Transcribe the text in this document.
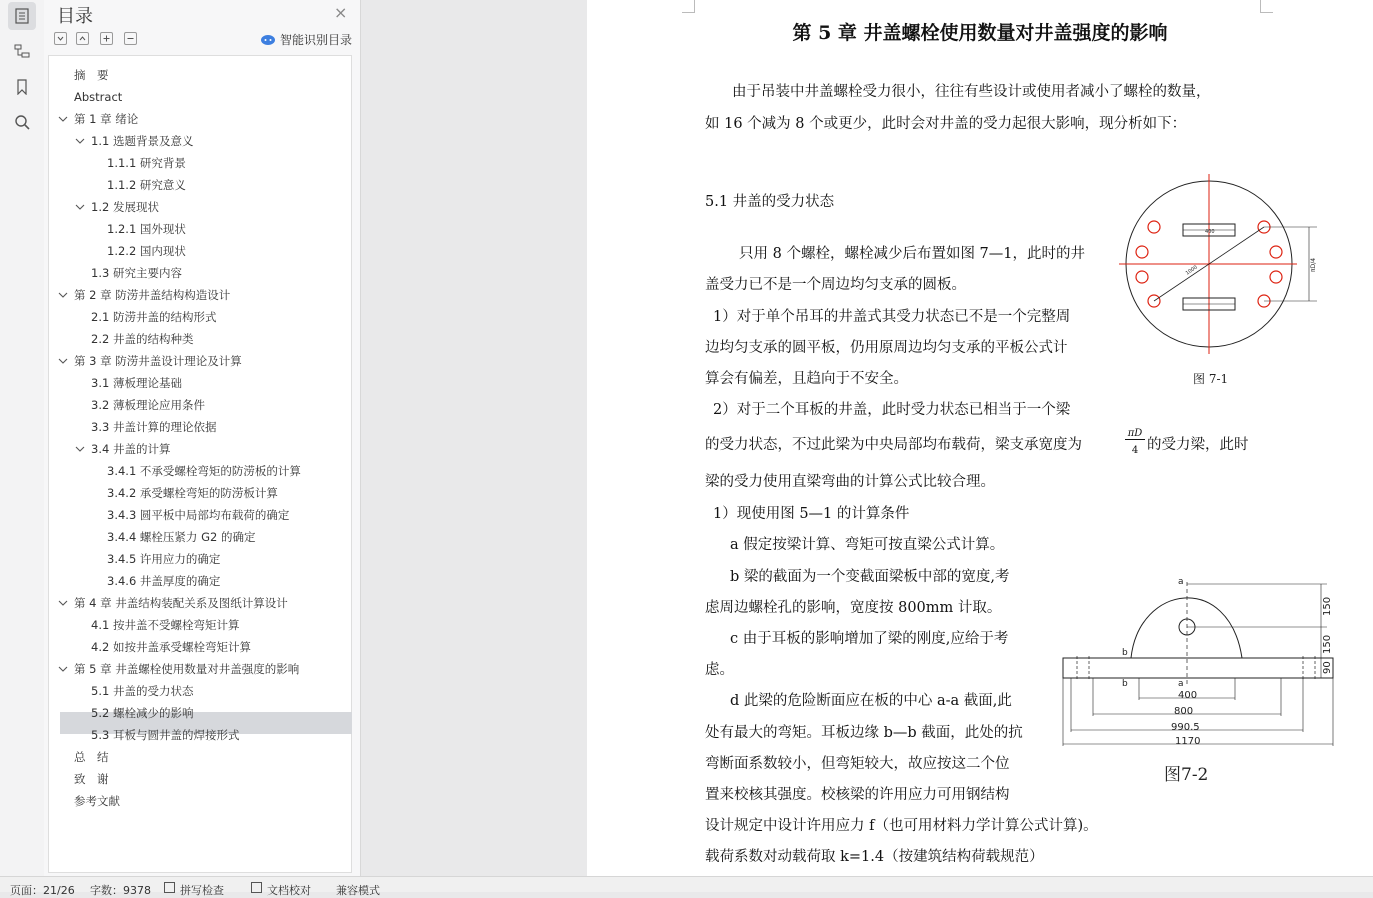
目录	×
智能识别目录
摘　要
Abstract
第 1 章 绪论
1.1 选题背景及意义
1.1.1 研究背景
1.1.2 研究意义
1.2 发展现状
1.2.1 国外现状
1.2.2 国内现状
1.3 研究主要内容
第 2 章 防涝井盖结构构造设计
2.1 防涝井盖的结构形式
2.2 井盖的结构种类
第 3 章 防涝井盖设计理论及计算
3.1 薄板理论基础
3.2 薄板理论应用条件
3.3 井盖计算的理论依据
3.4 井盖的计算
3.4.1 不承受螺栓弯矩的防涝板的计算
3.4.2 承受螺栓弯矩的防涝板计算
3.4.3 圆平板中局部均布载荷的确定
3.4.4 螺栓压紧力 G2 的确定
3.4.5 许用应力的确定
3.4.6 井盖厚度的确定
第 4 章 井盖结构装配关系及图纸计算设计
4.1 按井盖不受螺栓弯矩计算
4.2 如按井盖承受螺栓弯矩计算
第 5 章 井盖螺栓使用数量对井盖强度的影响
5.1 井盖的受力状态
5.2 螺栓减少的影响
5.3 耳板与圆井盖的焊接形式
总　结
致　谢
参考文献
第 5 章 井盖螺栓使用数量对井盖强度的影响
由于吊装中井盖螺栓受力很小，往往有些设计或使用者减小了螺栓的数量，
如 16 个减为 8 个或更少，此时会对井盖的受力起很大影响，现分析如下：
5.1 井盖的受力状态
只用 8 个螺栓，螺栓减少后布置如图 7—1，此时的井
盖受力已不是一个周边均匀支承的圆板。
1）对于单个吊耳的井盖式其受力状态已不是一个完整周
边均匀支承的圆平板，仍用原周边均匀支承的平板公式计
算会有偏差，且趋向于不安全。
2）对于二个耳板的井盖，此时受力状态已相当于一个梁
的受力状态，不过此梁为中央局部均布载荷，梁支承宽度为
πD
4 的受力梁，此时
梁的受力使用直梁弯曲的计算公式比较合理。
1）现使用图 5—1 的计算条件
a 假定按梁计算、弯矩可按直梁公式计算。
b 梁的截面为一个变截面梁板中部的宽度,考
虑周边螺栓孔的影响，宽度按 800mm 计取。
c 由于耳板的影响增加了梁的刚度,应给于考
虑。
d 此梁的危险断面应在板的中心 a-a 截面,此
处有最大的弯矩。耳板边缘 b—b 截面，此处的抗
弯断面系数较小，但弯矩较大，故应按这二个位
置来校核其强度。校核梁的许用应力可用钢结构
设计规定中设计许用应力 f（也可用材料力学计算公式计算)。
载荷系数对动载荷取 k=1.4（按建筑结构荷载规范）
400
1000	πD/4
图 7-1
150
150
90
a
b
b	a
400
800
990.5
1170
图7-2
页面：21/26 字数：9378	拼写检查	文档校对 兼容模式
